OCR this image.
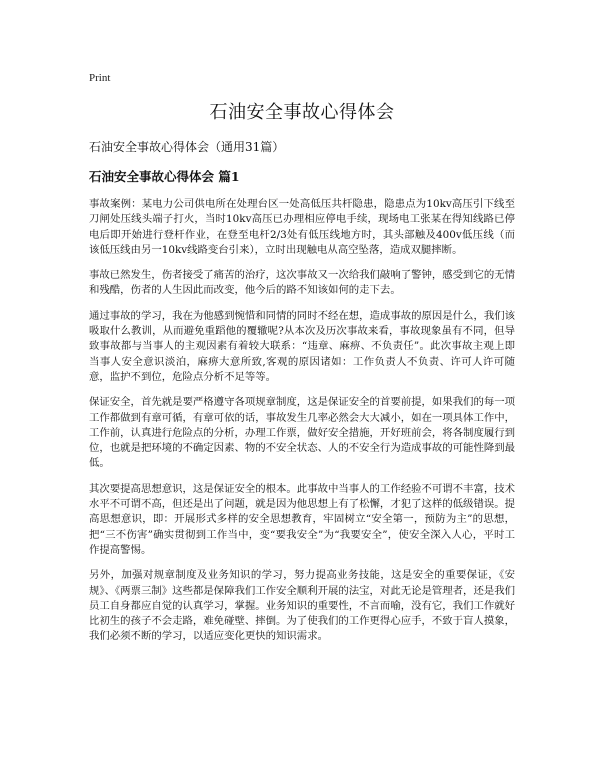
Print
石油安全事故心得体会
石油安全事故心得体会（通用31篇）
石油安全事故心得体会 篇1

事故案例：某电力公司供电所在处理台区一处高低压共杆隐患，隐患点为10kv高压引下线至刀闸处压线头端子打火，当时10kv高压已办理相应停电手续，现场电工张某在得知线路已停电后即开始进行登杆作业，在登至电杆2/3处有低压线地方时，其头部触及400v低压线（而该低压线由另一10kv线路变台引来），立时出现触电从高空坠落，造成双腿摔断。

事故已然发生，伤者接受了痛苦的治疗，这次事故又一次给我们敲响了警钟，感受到它的无情和残酷，伤者的人生因此而改变，他今后的路不知该如何的走下去。

通过事故的学习，我在为他感到惋惜和同情的同时不经在想，造成事故的原因是什么，我们该吸取什么教训，从而避免重蹈他的覆辙呢?从本次及历次事故来看，事故现象虽有不同，但导致事故都与当事人的主观因素有着较大联系：“违章、麻痹、不负责任”。此次事故主观上即当事人安全意识淡泊，麻痹大意所致,客观的原因诸如：工作负责人不负责、许可人许可随意，监护不到位，危险点分析不足等等。

保证安全，首先就是要严格遵守各项规章制度，这是保证安全的首要前提，如果我们的每一项工作都做到有章可循，有章可依的话，事故发生几率必然会大大减小，如在一项具体工作中，工作前，认真进行危险点的分析，办理工作票，做好安全措施，开好班前会，将各制度履行到位，也就是把环境的不确定因素、物的不安全状态、人的不安全行为造成事故的可能性降到最低。

其次要提高思想意识，这是保证安全的根本。此事故中当事人的工作经验不可谓不丰富，技术水平不可谓不高，但还是出了问题，就是因为他思想上有了松懈，才犯了这样的低级错误。提高思想意识，即：开展形式多样的安全思想教育，牢固树立“安全第一，预防为主”的思想，把“三不伤害”确实贯彻到工作当中，变“要我安全”为“我要安全”，使安全深入人心，平时工作提高警惕。

另外，加强对规章制度及业务知识的学习，努力提高业务技能，这是安全的重要保证，《安规》、《两票三制》这些都是保障我们工作安全顺利开展的法宝，对此无论是管理者，还是我们员工自身都应自觉的认真学习，掌握。业务知识的重要性，不言而喻，没有它，我们工作就好比初生的孩子不会走路，难免碰壁、摔倒。为了使我们的工作更得心应手，不致于盲人摸象，我们必须不断的学习，以适应变化更快的知识需求。
